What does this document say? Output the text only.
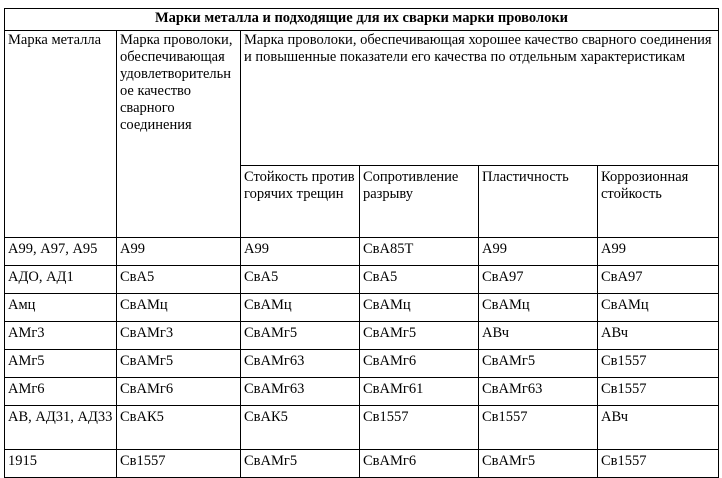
Марки металла и подходящие для их сварки марки проволоки					
Марка металла	Марка проволоки, обеспечивающая удовлетворительное качество сварного соединения	Марка проволоки, обеспечивающая хорошее качество сварного соединения и повышенные показатели его качества по отдельным характеристикам			
		Стойкость против горячих трещин	Сопротивление разрыву	Пластичность	Коррозионная стойкость
А99, А97, А95	А99	А99	СвА85Т	А99	А99
АДО, АД1	СвА5	СвА5	СвА5	СвА97	СвА97
Амц	СвАМц	СвАМц	СвАМц	СвАМц	СвАМц
АМг3	СвАМг3	СвАМг5	СвАМг5	АВч	АВч
АМг5	СвАМг5	СвАМг63	СвАМг6	СвАМг5	Св1557
АМг6	СвАМг6	СвАМг63	СвАМг61	СвАМг63	Св1557
АВ, АД31, АД33	СвАК5	СвАК5	Св1557	Св1557	АВч
1915	Св1557	СвАМг5	СвАМг6	СвАМг5	Св1557
